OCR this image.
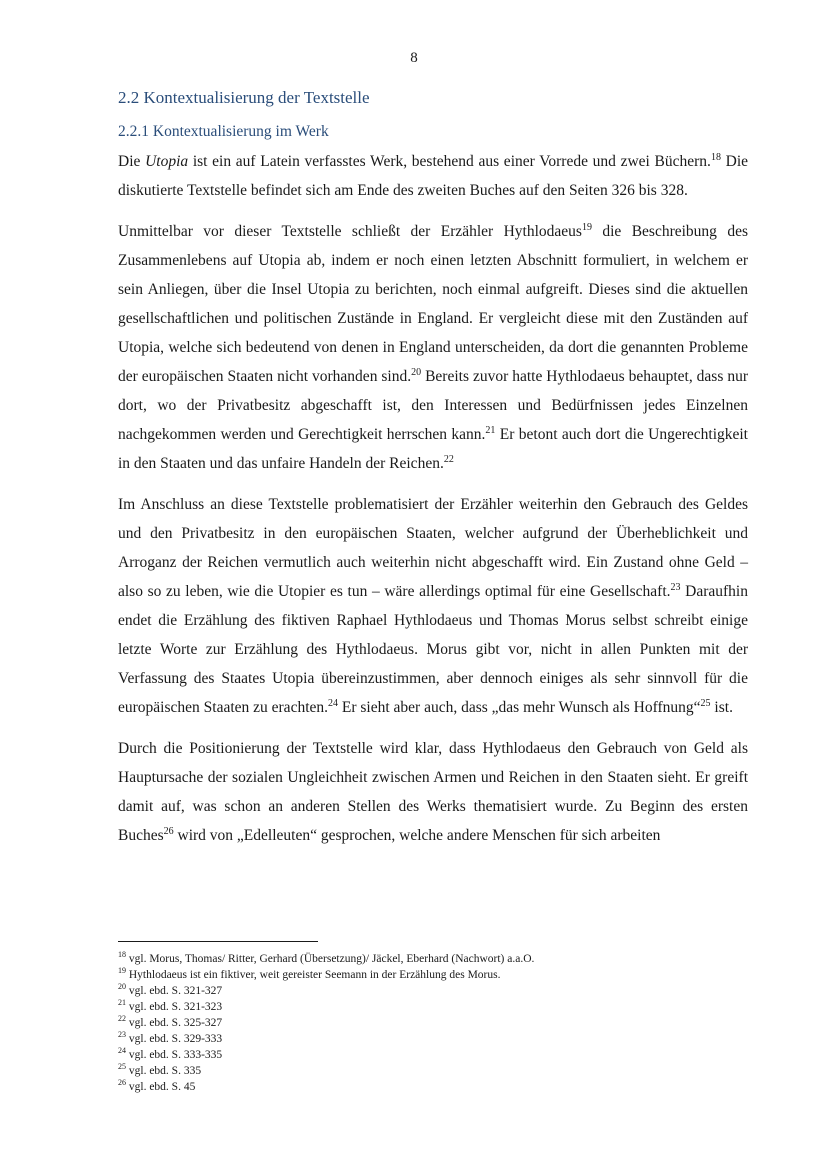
8
2.2 Kontextualisierung der Textstelle
2.2.1 Kontextualisierung im Werk

Die Utopia ist ein auf Latein verfasstes Werk, bestehend aus einer Vorrede und zwei Büchern.$^{18}$ Die diskutierte Textstelle befindet sich am Ende des zweiten Buches auf den Seiten 326 bis 328.

Unmittelbar vor dieser Textstelle schließt der Erzähler Hythlodaeus$^{19}$ die Beschreibung des Zusammenlebens auf Utopia ab, indem er noch einen letzten Abschnitt formuliert, in welchem er sein Anliegen, über die Insel Utopia zu berichten, noch einmal aufgreift. Dieses sind die aktuellen gesellschaftlichen und politischen Zustände in England. Er vergleicht diese mit den Zuständen auf Utopia, welche sich bedeutend von denen in England unterscheiden, da dort die genannten Probleme der europäischen Staaten nicht vorhanden sind.$^{20}$ Bereits zuvor hatte Hythlodaeus behauptet, dass nur dort, wo der Privatbesitz abgeschafft ist, den Interessen und Bedürfnissen jedes Einzelnen nachgekommen werden und Gerechtigkeit herrschen kann.$^{21}$ Er betont auch dort die Ungerechtigkeit in den Staaten und das unfaire Handeln der Reichen.$^{22}$

Im Anschluss an diese Textstelle problematisiert der Erzähler weiterhin den Gebrauch des Geldes und den Privatbesitz in den europäischen Staaten, welcher aufgrund der Überheblichkeit und Arroganz der Reichen vermutlich auch weiterhin nicht abgeschafft wird. Ein Zustand ohne Geld – also so zu leben, wie die Utopier es tun – wäre allerdings optimal für eine Gesellschaft.$^{23}$ Daraufhin endet die Erzählung des fiktiven Raphael Hythlodaeus und Thomas Morus selbst schreibt einige letzte Worte zur Erzählung des Hythlodaeus. Morus gibt vor, nicht in allen Punkten mit der Verfassung des Staates Utopia übereinzustimmen, aber dennoch einiges als sehr sinnvoll für die europäischen Staaten zu erachten.$^{24}$ Er sieht aber auch, dass „das mehr Wunsch als Hoffnung“$^{25}$ ist.

Durch die Positionierung der Textstelle wird klar, dass Hythlodaeus den Gebrauch von Geld als Hauptursache der sozialen Ungleichheit zwischen Armen und Reichen in den Staaten sieht. Er greift damit auf, was schon an anderen Stellen des Werks thematisiert wurde. Zu Beginn des ersten Buches$^{26}$ wird von „Edelleuten“ gesprochen, welche andere Menschen für sich arbeiten

$^{18}$ vgl. Morus, Thomas/ Ritter, Gerhard (Übersetzung)/ Jäckel, Eberhard (Nachwort) a.a.O.
$^{19}$ Hythlodaeus ist ein fiktiver, weit gereister Seemann in der Erzählung des Morus.
$^{20}$ vgl. ebd. S. 321-327
$^{21}$ vgl. ebd. S. 321-323
$^{22}$ vgl. ebd. S. 325-327
$^{23}$ vgl. ebd. S. 329-333
$^{24}$ vgl. ebd. S. 333-335
$^{25}$ vgl. ebd. S. 335
$^{26}$ vgl. ebd. S. 45
